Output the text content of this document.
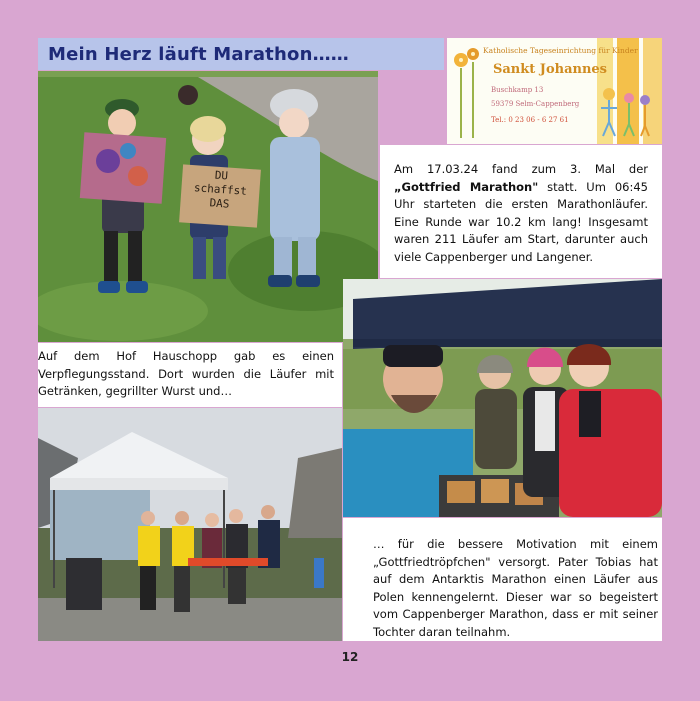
Mein Herz läuft Marathon……	Katholische Tageseinrichtung für Kinder
Sankt Johannes
Buschkamp 13
59379 Selm-Cappenberg
Tel.: 0 23 06 - 6 27 61
DU
schaffst
DAS

Am 17.03.24 fand zum 3. Mal der „Gottfried Marathon" statt. Um 06:45 Uhr starteten die ersten Marathonläufer. Eine Runde war 10.2 km lang! Insgesamt waren 211 Läufer am Start, darunter auch viele Cappenberger und Langener.

Auf dem Hof Hauschopp gab es einen Verpflegungsstand. Dort wurden die Läufer mit Getränken, gegrillter Wurst und…

… für die bessere Motivation mit einem „Gottfriedtröpfchen" versorgt. Pater Tobias hat auf dem Antarktis Marathon einen Läufer aus Polen kennengelernt. Dieser war so begeistert vom Cappenberger Marathon, dass er mit seiner Tochter daran teilnahm.

12
